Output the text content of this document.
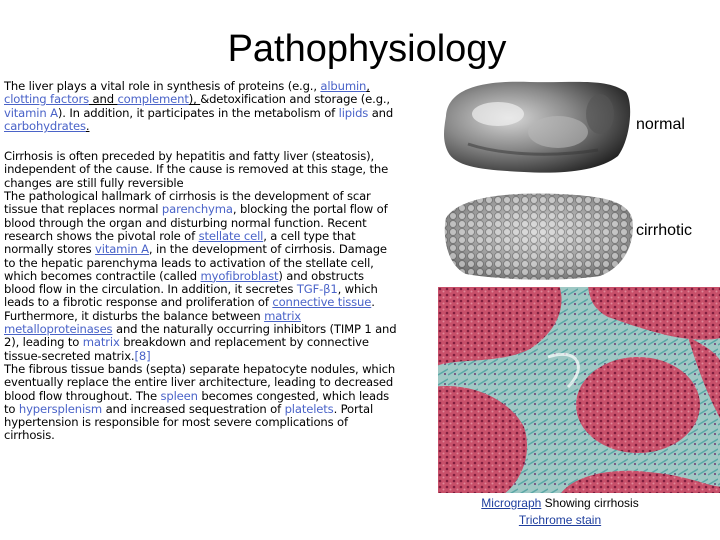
Pathophysiology

The liver plays a vital role in synthesis of proteins (e.g., albumin, clotting factors and complement), &detoxification and storage (e.g., vitamin A). In addition, it participates in the metabolism of lipids and carbohydrates.

Cirrhosis is often preceded by hepatitis and fatty liver (steatosis), independent of the cause. If the cause is removed at this stage, the changes are still fully reversible

The pathological hallmark of cirrhosis is the development of scar tissue that replaces normal parenchyma, blocking the portal flow of blood through the organ and disturbing normal function. Recent research shows the pivotal role of stellate cell, a cell type that normally stores vitamin A, in the development of cirrhosis. Damage to the hepatic parenchyma leads to activation of the stellate cell, which becomes contractile (called myofibroblast) and obstructs blood flow in the circulation. In addition, it secretes TGF-β1, which leads to a fibrotic response and proliferation of connective tissue. Furthermore, it disturbs the balance between matrix metalloproteinases and the naturally occurring inhibitors (TIMP 1 and 2), leading to matrix breakdown and replacement by connective tissue-secreted matrix.[8]

The fibrous tissue bands (septa) separate hepatocyte nodules, which eventually replace the entire liver architecture, leading to decreased blood flow throughout. The spleen becomes congested, which leads to hypersplenism and increased sequestration of platelets. Portal hypertension is responsible for most severe complications of cirrhosis.

normal
cirrhotic
Micrograph Showing cirrhosis
Trichrome stain
